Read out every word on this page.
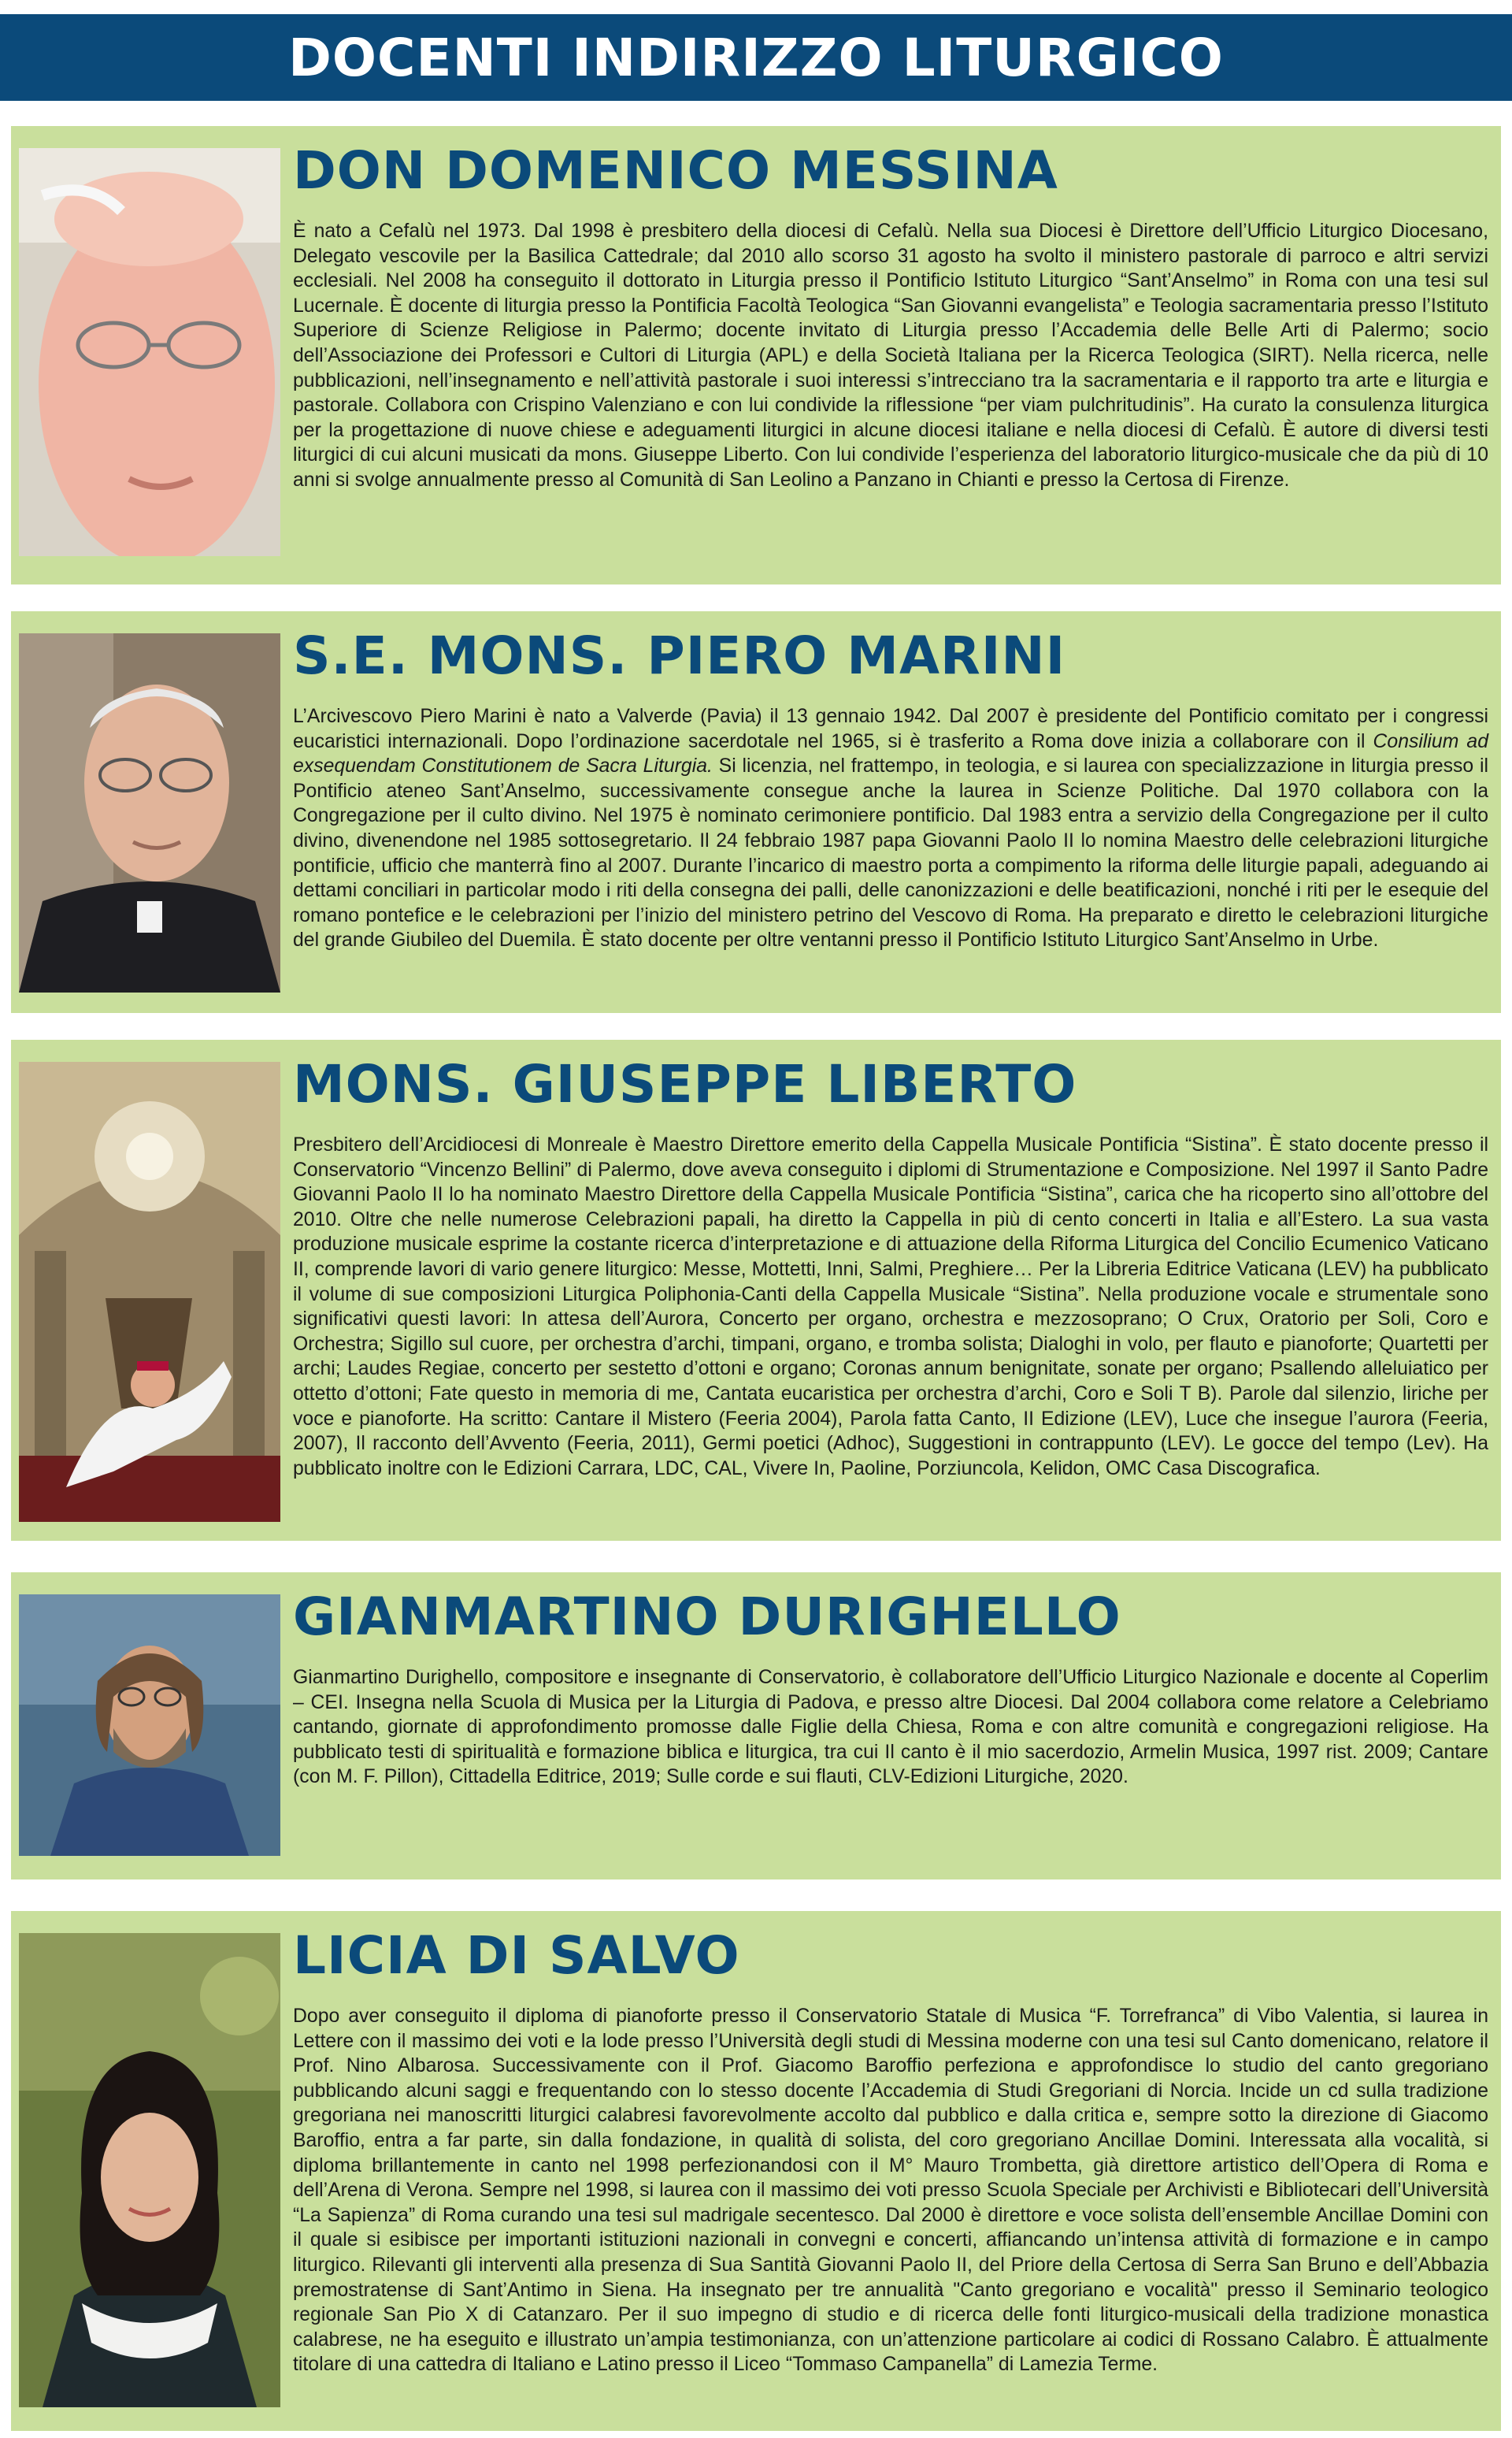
DOCENTI INDIRIZZO LITURGICO
DON DOMENICO MESSINA

È nato a Cefalù nel 1973. Dal 1998 è presbitero della diocesi di Cefalù. Nella sua Diocesi è Direttore dell’Ufficio Liturgico Diocesano, Delegato vescovile per la Basilica Cattedrale; dal 2010 allo scorso 31 agosto ha svolto il ministero pastorale di parroco e altri servizi ecclesiali. Nel 2008 ha conseguito il dottorato in Liturgia presso il Pontificio Istituto Liturgico “Sant’Anselmo” in Roma con una tesi sul Lucernale. È docente di liturgia presso la Pontificia Facoltà Teologica “San Giovanni evangelista” e Teologia sacramentaria presso l’Istituto Superiore di Scienze Religiose in Palermo; docente invitato di Liturgia presso l’Accademia delle Belle Arti di Palermo; socio dell’Associazione dei Professori e Cultori di Liturgia (APL) e della Società Italiana per la Ricerca Teologica (SIRT). Nella ricerca, nelle pubblicazioni, nell’insegnamento e nell’attività pastorale i suoi interessi s’intrecciano tra la sacramentaria e il rapporto tra arte e liturgia e pastorale. Collabora con Crispino Valenziano e con lui condivide la riflessione “per viam pulchritudinis”. Ha curato la consulenza liturgica per la progettazione di nuove chiese e adeguamenti liturgici in alcune diocesi italiane e nella diocesi di Cefalù. È autore di diversi testi liturgici di cui alcuni musicati da mons. Giuseppe Liberto. Con lui condivide l’esperienza del laboratorio liturgico-musicale che da più di 10 anni si svolge annualmente presso al Comunità di San Leolino a Panzano in Chianti e presso la Certosa di Firenze.

S.E. MONS. PIERO MARINI

L’Arcivescovo Piero Marini è nato a Valverde (Pavia) il 13 gennaio 1942. Dal 2007 è presidente del Pontificio comitato per i congressi eucaristici internazionali. Dopo l’ordinazione sacerdotale nel 1965, si è trasferito a Roma dove inizia a collaborare con il Consilium ad exsequendam Constitutionem de Sacra Liturgia. Si licenzia, nel frattempo, in teologia, e si laurea con specializzazione in liturgia presso il Pontificio ateneo Sant’Anselmo, successivamente consegue anche la laurea in Scienze Politiche. Dal 1970 collabora con la Congregazione per il culto divino. Nel 1975 è nominato cerimoniere pontificio. Dal 1983 entra a servizio della Congregazione per il culto divino, divenendone nel 1985 sottosegretario. Il 24 febbraio 1987 papa Giovanni Paolo II lo nomina Maestro delle celebrazioni liturgiche pontificie, ufficio che manterrà fino al 2007. Durante l’incarico di maestro porta a compimento la riforma delle liturgie papali, adeguando ai dettami conciliari in particolar modo i riti della consegna dei palli, delle canonizzazioni e delle beatificazioni, nonché i riti per le esequie del romano pontefice e le celebrazioni per l’inizio del ministero petrino del Vescovo di Roma. Ha preparato e diretto le celebrazioni liturgiche del grande Giubileo del Duemila. È stato docente per oltre ventanni presso il Pontificio Istituto Liturgico Sant’Anselmo in Urbe.

MONS. GIUSEPPE LIBERTO

Presbitero dell’Arcidiocesi di Monreale è Maestro Direttore emerito della Cappella Musicale Pontificia “Sistina”. È stato docente presso il Conservatorio “Vincenzo Bellini” di Palermo, dove aveva conseguito i diplomi di Strumentazione e Composizione. Nel 1997 il Santo Padre Giovanni Paolo II lo ha nominato Maestro Direttore della Cappella Musicale Pontificia “Sistina”, carica che ha ricoperto sino all’ottobre del 2010. Oltre che nelle numerose Celebrazioni papali, ha diretto la Cappella in più di cento concerti in Italia e all’Estero. La sua vasta produzione musicale esprime la costante ricerca d’interpretazione e di attuazione della Riforma Liturgica del Concilio Ecumenico Vaticano II, comprende lavori di vario genere liturgico: Messe, Mottetti, Inni, Salmi, Preghiere… Per la Libreria Editrice Vaticana (LEV) ha pubblicato il volume di sue composizioni Liturgica Poliphonia-Canti della Cappella Musicale “Sistina”. Nella produzione vocale e strumentale sono significativi questi lavori: In attesa dell’Aurora, Concerto per organo, orchestra e mezzosoprano; O Crux, Oratorio per Soli, Coro e Orchestra; Sigillo sul cuore, per orchestra d’archi, timpani, organo, e tromba solista; Dialoghi in volo, per flauto e pianoforte; Quartetti per archi; Laudes Regiae, concerto per sestetto d’ottoni e organo; Coronas annum benignitate, sonate per organo; Psallendo alleluiatico per ottetto d’ottoni; Fate questo in memoria di me, Cantata eucaristica per orchestra d’archi, Coro e Soli T B). Parole dal silenzio, liriche per voce e pianoforte. Ha scritto: Cantare il Mistero (Feeria 2004), Parola fatta Canto, II Edizione (LEV), Luce che insegue l’aurora (Feeria, 2007), Il racconto dell’Avvento (Feeria, 2011), Germi poetici (Adhoc), Suggestioni in contrappunto (LEV). Le gocce del tempo (Lev). Ha pubblicato inoltre con le Edizioni Carrara, LDC, CAL, Vivere In, Paoline, Porziuncola, Kelidon, OMC Casa Discografica.

GIANMARTINO DURIGHELLO

Gianmartino Durighello, compositore e insegnante di Conservatorio, è collaboratore dell’Ufficio Liturgico Nazionale e docente al Coperlim – CEI. Insegna nella Scuola di Musica per la Liturgia di Padova, e presso altre Diocesi. Dal 2004 collabora come relatore a Celebriamo cantando, giornate di approfondimento promosse dalle Figlie della Chiesa, Roma e con altre comunità e congregazioni religiose. Ha pubblicato testi di spiritualità e formazione biblica e liturgica, tra cui Il canto è il mio sacerdozio, Armelin Musica, 1997 rist. 2009; Cantare (con M. F. Pillon), Cittadella Editrice, 2019; Sulle corde e sui flauti, CLV-Edizioni Liturgiche, 2020.

LICIA DI SALVO

Dopo aver conseguito il diploma di pianoforte presso il Conservatorio Statale di Musica “F. Torrefranca” di Vibo Valentia, si laurea in Lettere con il massimo dei voti e la lode presso l’Università degli studi di Messina moderne con una tesi sul Canto domenicano, relatore il Prof. Nino Albarosa. Successivamente con il Prof. Giacomo Baroffio perfeziona e approfondisce lo studio del canto gregoriano pubblicando alcuni saggi e frequentando con lo stesso docente l’Accademia di Studi Gregoriani di Norcia. Incide un cd sulla tradizione gregoriana nei manoscritti liturgici calabresi favorevolmente accolto dal pubblico e dalla critica e, sempre sotto la direzione di Giacomo Baroffio, entra a far parte, sin dalla fondazione, in qualità di solista, del coro gregoriano Ancillae Domini. Interessata alla vocalità, si diploma brillantemente in canto nel 1998 perfezionandosi con il M° Mauro Trombetta, già direttore artistico dell’Opera di Roma e dell’Arena di Verona. Sempre nel 1998, si laurea con il massimo dei voti presso Scuola Speciale per Archivisti e Bibliotecari dell’Università “La Sapienza” di Roma curando una tesi sul madrigale secentesco. Dal 2000 è direttore e voce solista dell’ensemble Ancillae Domini con il quale si esibisce per importanti istituzioni nazionali in convegni e concerti, affiancando un’intensa attività di formazione e in campo liturgico. Rilevanti gli interventi alla presenza di Sua Santità Giovanni Paolo II, del Priore della Certosa di Serra San Bruno e dell’Abbazia premostratense di Sant’Antimo in Siena. Ha insegnato per tre annualità "Canto gregoriano e vocalità" presso il Seminario teologico regionale San Pio X di Catanzaro. Per il suo impegno di studio e di ricerca delle fonti liturgico-musicali della tradizione monastica calabrese, ne ha eseguito e illustrato un’ampia testimonianza, con un’attenzione particolare ai codici di Rossano Calabro. È attualmente titolare di una cattedra di Italiano e Latino presso il Liceo “Tommaso Campanella” di Lamezia Terme.
